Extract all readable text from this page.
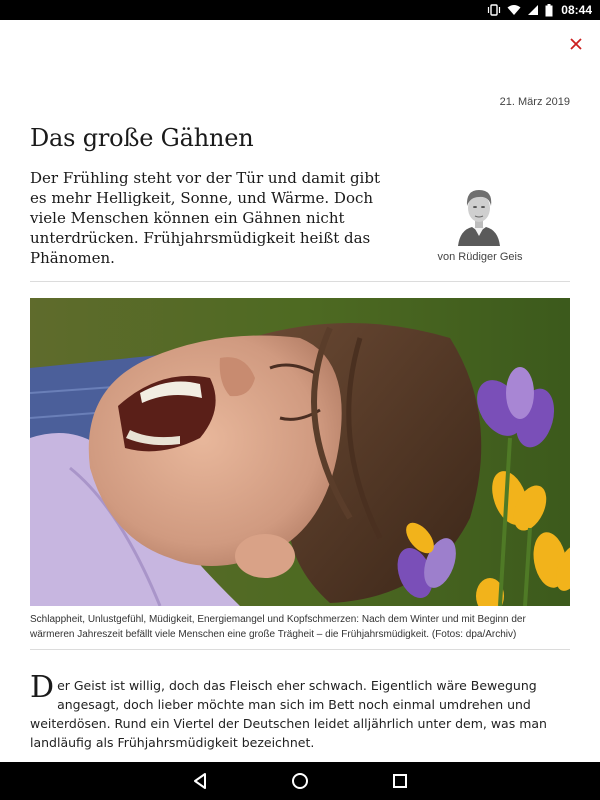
08:44
21. März 2019
Das große Gähnen

Der Frühling steht vor der Tür und damit gibt es mehr Helligkeit, Sonne, und Wärme. Doch viele Menschen können ein Gähnen nicht unterdrücken. Frühjahrsmüdigkeit heißt das Phänomen.	von Rüdiger Geis

Schlappheit, Unlustgefühl, Müdigkeit, Energiemangel und Kopfschmerzen: Nach dem Winter und mit Beginn der wärmeren Jahreszeit befällt viele Menschen eine große Trägheit – die Frühjahrsmüdigkeit. (Fotos: dpa/Archiv)

Der Geist ist willig, doch das Fleisch eher schwach. Eigentlich wäre Bewegung angesagt, doch lieber möchte man sich im Bett noch einmal umdrehen und weiterdösen. Rund ein Viertel der Deutschen leidet alljährlich unter dem, was man landläufig als Frühjahrsmüdigkeit bezeichnet.
